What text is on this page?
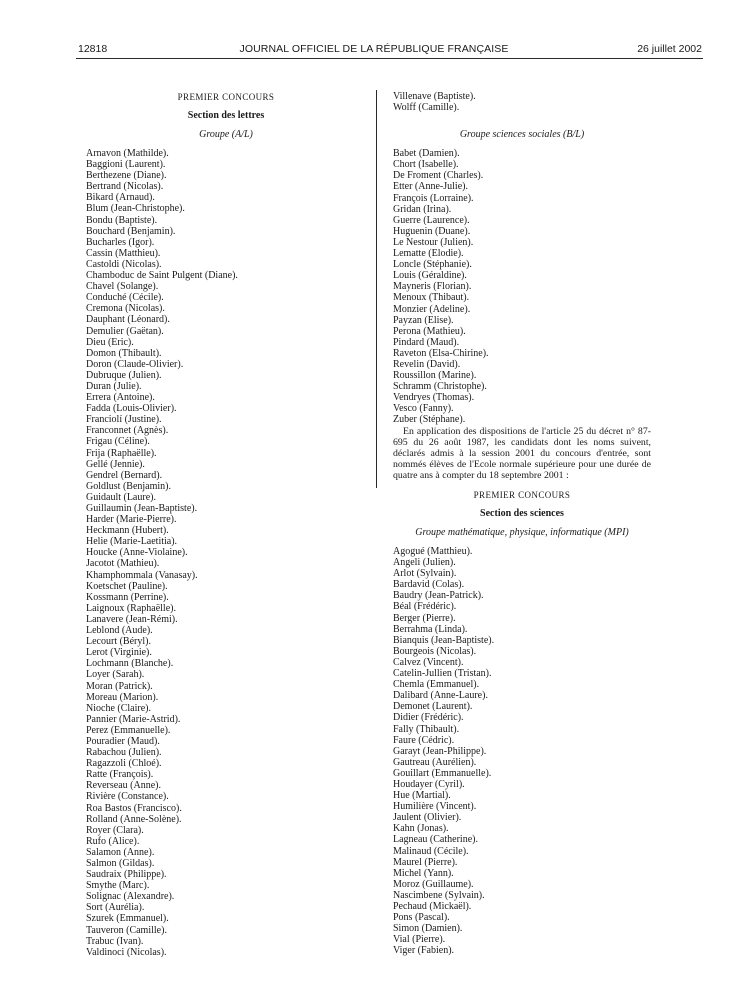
12818	JOURNAL OFFICIEL DE LA RÉPUBLIQUE FRANÇAISE	26 juillet 2002
PREMIER CONCOURS
Section des lettres
Groupe (A/L)
Arnavon (Mathilde).
Baggioni (Laurent).
Berthezene (Diane).
Bertrand (Nicolas).
Bikard (Arnaud).
Blum (Jean-Christophe).
Bondu (Baptiste).
Bouchard (Benjamin).
Bucharles (Igor).
Cassin (Matthieu).
Castoldi (Nicolas).
Chamboduc de Saint Pulgent (Diane).
Chavel (Solange).
Conduché (Cécile).
Cremona (Nicolas).
Dauphant (Léonard).
Demulier (Gaëtan).
Dieu (Eric).
Domon (Thibault).
Doron (Claude-Olivier).
Dubruque (Julien).
Duran (Julie).
Errera (Antoine).
Fadda (Louis-Olivier).
Franciolí (Justine).
Franconnet (Agnès).
Frigau (Céline).
Frija (Raphaëlle).
Gellé (Jennie).
Gendrel (Bernard).
Goldlust (Benjamin).
Guidault (Laure).
Guillaumin (Jean-Baptiste).
Harder (Marie-Pierre).
Heckmann (Hubert).
Helie (Marie-Laetitia).
Houcke (Anne-Violaine).
Jacotot (Mathieu).
Khamphommala (Vanasay).
Koetschet (Pauline).
Kossmann (Perrine).
Laignoux (Raphaëlle).
Lanavere (Jean-Rémi).
Leblond (Aude).
Lecourt (Béryl).
Lerot (Virginie).
Lochmann (Blanche).
Loyer (Sarah).
Moran (Patrick).
Moreau (Marion).
Nioche (Claire).
Pannier (Marie-Astrid).
Perez (Emmanuelle).
Pouradier (Maud).
Rabachou (Julien).
Ragazzoli (Chloé).
Ratte (François).
Reverseau (Anne).
Rivière (Constance).
Roa Bastos (Francisco).
Rolland (Anne-Solène).
Royer (Clara).
Rufo (Alice).
Salamon (Anne).
Salmon (Gildas).
Saudraix (Philippe).
Smythe (Marc).
Solignac (Alexandre).
Sort (Aurélia).
Szurek (Emmanuel).
Tauveron (Camille).
Trabuc (Ivan).
Valdinoci (Nicolas).
Villenave (Baptiste).
Wolff (Camille).
Groupe sciences sociales (B/L)
Babet (Damien).
Chort (Isabelle).
De Froment (Charles).
Etter (Anne-Julie).
François (Lorraine).
Gridan (Irina).
Guerre (Laurence).
Huguenin (Duane).
Le Nestour (Julien).
Lematte (Elodie).
Loncle (Stéphanie).
Louis (Géraldine).
Mayneris (Florian).
Menoux (Thibaut).
Monzier (Adeline).
Payzan (Elise).
Perona (Mathieu).
Pindard (Maud).
Raveton (Elsa-Chirine).
Revelin (David).
Roussillon (Marine).
Schramm (Christophe).
Vendryes (Thomas).
Vesco (Fanny).
Zuber (Stéphane).
En application des dispositions de l'article 25 du décret n° 87-695 du 26 août 1987, les candidats dont les noms suivent, déclarés admis à la session 2001 du concours d'entrée, sont nommés élèves de l'Ecole normale supérieure pour une durée de quatre ans à compter du 18 septembre 2001 :
PREMIER CONCOURS
Section des sciences
Groupe mathématique, physique, informatique (MPI)
Agogué (Matthieu).
Angeli (Julien).
Arlot (Sylvain).
Bardavid (Colas).
Baudry (Jean-Patrick).
Béal (Frédéric).
Berger (Pierre).
Berrahma (Linda).
Bianquis (Jean-Baptiste).
Bourgeois (Nicolas).
Calvez (Vincent).
Catelin-Jullien (Tristan).
Chemla (Emmanuel).
Dalibard (Anne-Laure).
Demonet (Laurent).
Didier (Frédéric).
Fally (Thibault).
Faure (Cédric).
Garayt (Jean-Philippe).
Gautreau (Aurélien).
Gouillart (Emmanuelle).
Houdayer (Cyril).
Hue (Martial).
Humilière (Vincent).
Jaulent (Olivier).
Kahn (Jonas).
Lagneau (Catherine).
Malinaud (Cécile).
Maurel (Pierre).
Michel (Yann).
Moroz (Guillaume).
Nascimbene (Sylvain).
Pechaud (Mickaël).
Pons (Pascal).
Simon (Damien).
Vial (Pierre).
Viger (Fabien).
